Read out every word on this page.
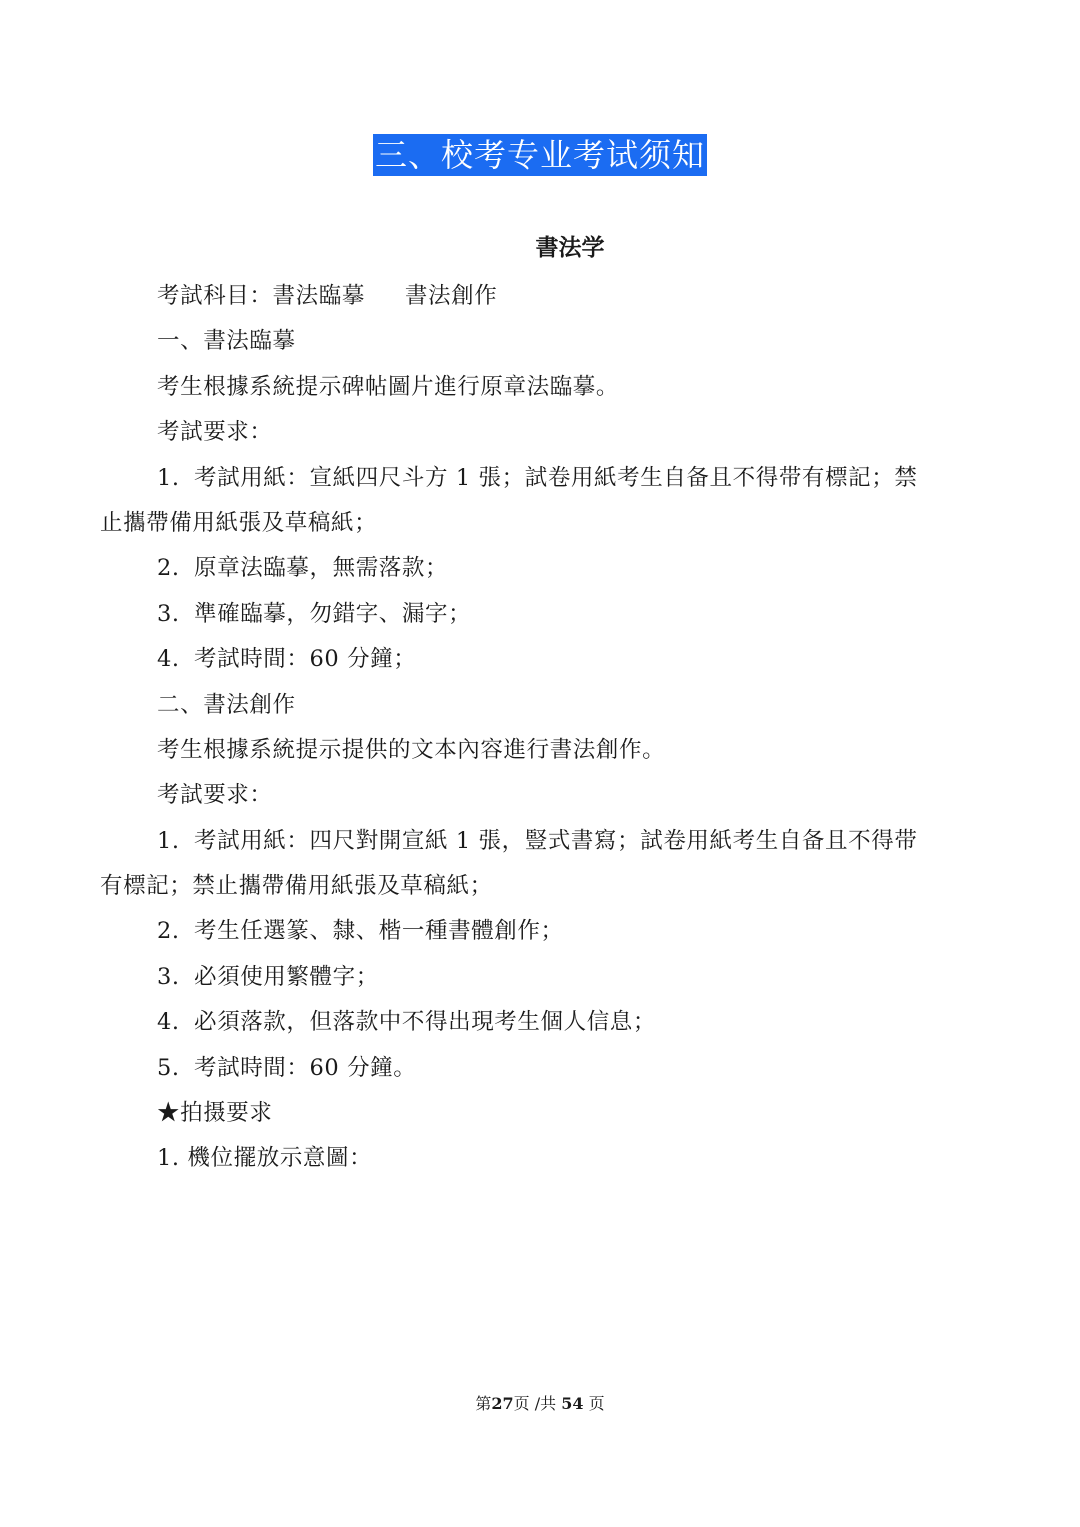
三、校考专业考试须知
書法学
考試科目：書法臨摹 書法創作
一、書法臨摹
考生根據系統提示碑帖圖片進行原章法臨摹。
考試要求：
1. 考試用紙：宣紙四尺斗方 1 張；試卷用紙考生自备且不得带有標記；禁
止攜帶備用紙張及草稿紙；
2. 原章法臨摹，無需落款；
3. 準確臨摹，勿錯字、漏字；
4. 考試時間：60 分鐘；
二、書法創作
考生根據系統提示提供的文本內容進行書法創作。
考試要求：
1. 考試用紙：四尺對開宣紙 1 張，豎式書寫；試卷用紙考生自备且不得带
有標記；禁止攜帶備用紙張及草稿紙；
2. 考生任選篆、隸、楷一種書體創作；
3. 必須使用繁體字；
4. 必須落款，但落款中不得出現考生個人信息；
5. 考試時間：60 分鐘。
★拍摄要求
1. 機位擺放示意圖：
第27页 /共 54 页
